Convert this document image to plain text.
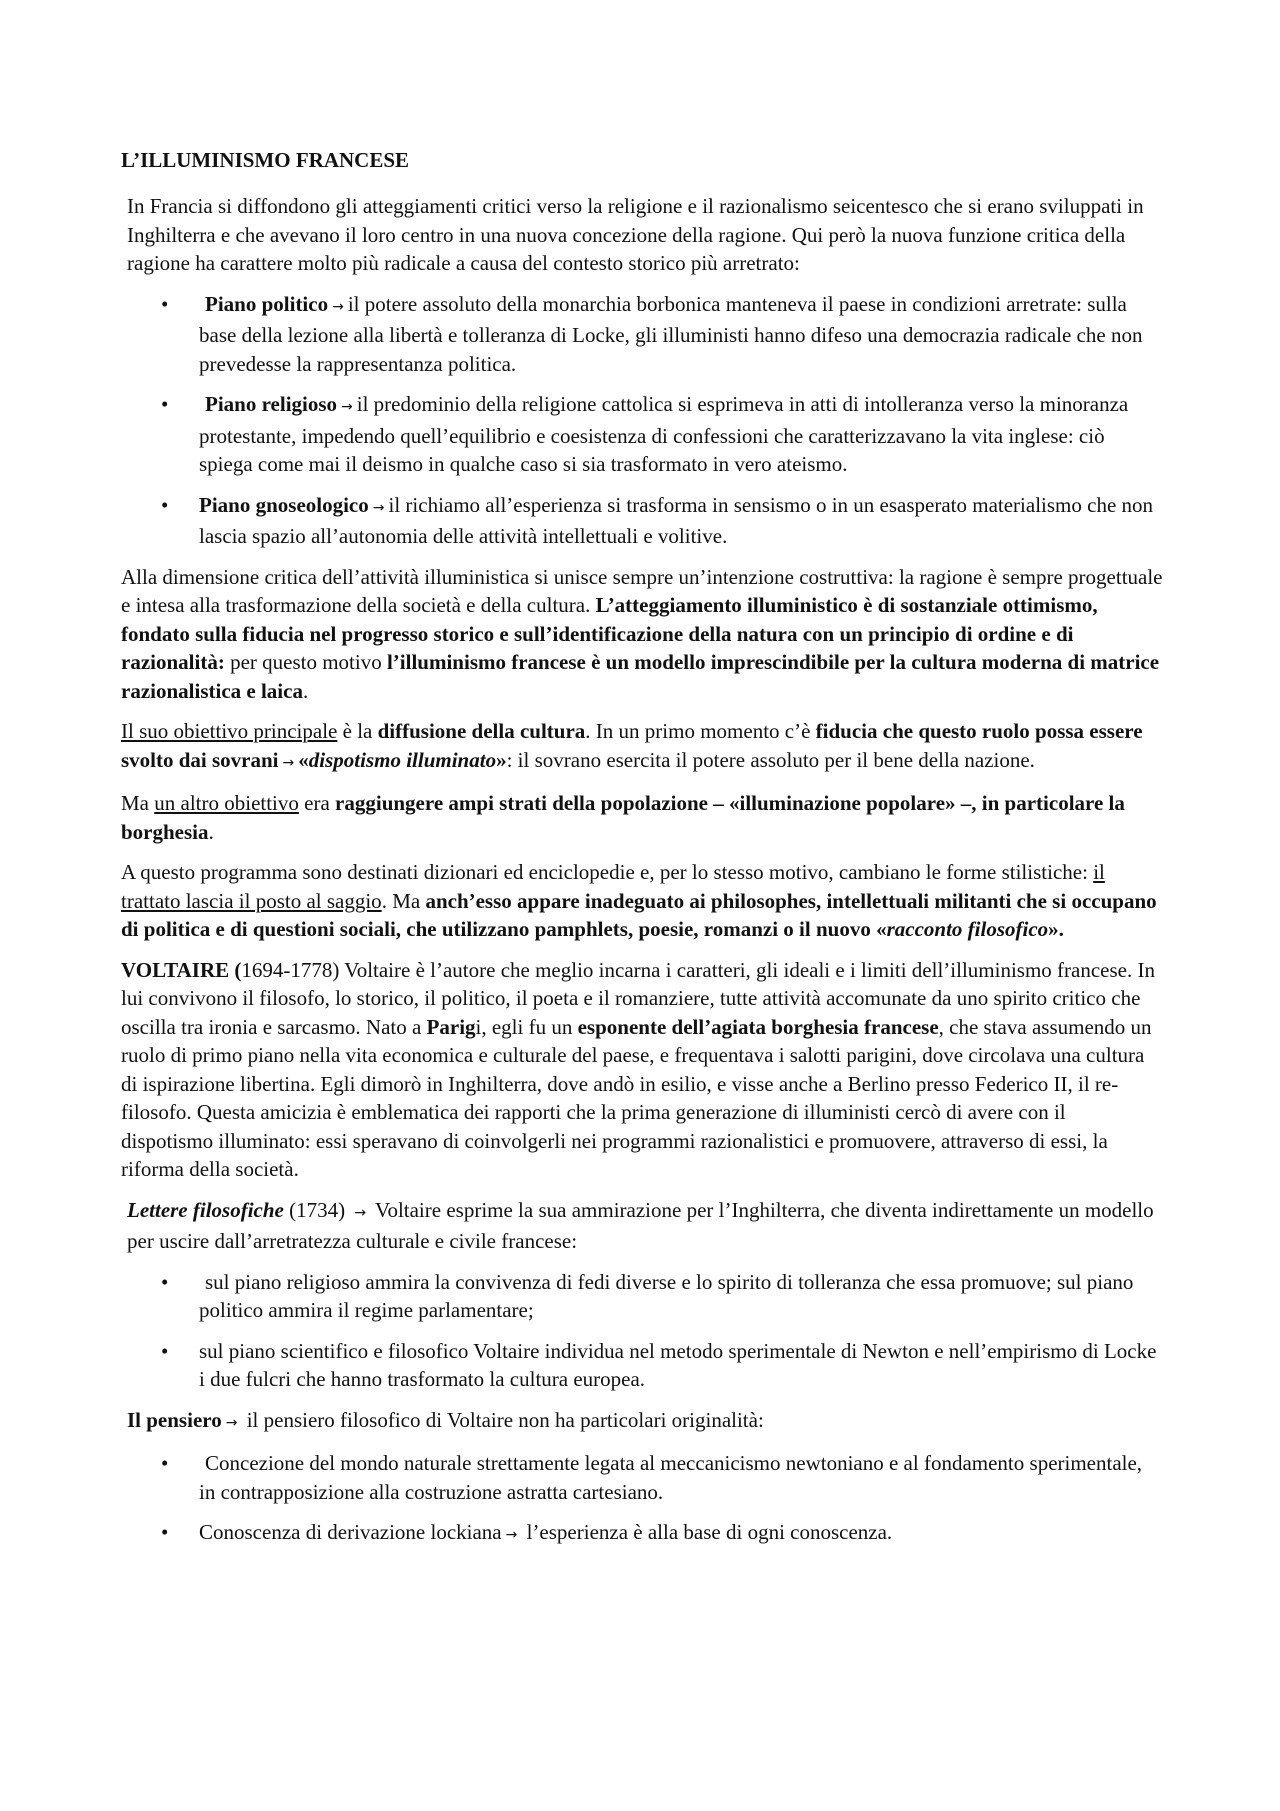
L’ILLUMINISMO FRANCESE

In Francia si diffondono gli atteggiamenti critici verso la religione e il razionalismo seicentesco che si erano sviluppati in Inghilterra e che avevano il loro centro in una nuova concezione della ragione. Qui però la nuova funzione critica della ragione ha carattere molto più radicale a causa del contesto storico più arretrato:

• Piano politico → il potere assoluto della monarchia borbonica manteneva il paese in condizioni arretrate: sulla base della lezione alla libertà e tolleranza di Locke, gli illuministi hanno difeso una democrazia radicale che non prevedesse la rappresentanza politica.
• Piano religioso → il predominio della religione cattolica si esprimeva in atti di intolleranza verso la minoranza protestante, impedendo quell’equilibrio e coesistenza di confessioni che caratterizzavano la vita inglese: ciò spiega come mai il deismo in qualche caso si sia trasformato in vero ateismo.
• Piano gnoseologico → il richiamo all’esperienza si trasforma in sensismo o in un esasperato materialismo che non lascia spazio all’autonomia delle attività intellettuali e volitive.

Alla dimensione critica dell’attività illuministica si unisce sempre un’intenzione costruttiva: la ragione è sempre progettuale e intesa alla trasformazione della società e della cultura. L’atteggiamento illuministico è di sostanziale ottimismo, fondato sulla fiducia nel progresso storico e sull’identificazione della natura con un principio di ordine e di razionalità: per questo motivo l’illuminismo francese è un modello imprescindibile per la cultura moderna di matrice razionalistica e laica.

Il suo obiettivo principale è la diffusione della cultura. In un primo momento c’è fiducia che questo ruolo possa essere svolto dai sovrani → «dispotismo illuminato»: il sovrano esercita il potere assoluto per il bene della nazione.

Ma un altro obiettivo era raggiungere ampi strati della popolazione – «illuminazione popolare» –, in particolare la borghesia.

A questo programma sono destinati dizionari ed enciclopedie e, per lo stesso motivo, cambiano le forme stilistiche: il trattato lascia il posto al saggio. Ma anch’esso appare inadeguato ai philosophes, intellettuali militanti che si occupano di politica e di questioni sociali, che utilizzano pamphlets, poesie, romanzi o il nuovo «racconto filosofico».

VOLTAIRE (1694-1778) Voltaire è l’autore che meglio incarna i caratteri, gli ideali e i limiti dell’illuminismo francese. In lui convivono il filosofo, lo storico, il politico, il poeta e il romanziere, tutte attività accomunate da uno spirito critico che oscilla tra ironia e sarcasmo. Nato a Parigi, egli fu un esponente dell’agiata borghesia francese, che stava assumendo un ruolo di primo piano nella vita economica e culturale del paese, e frequentava i salotti parigini, dove circolava una cultura di ispirazione libertina. Egli dimorò in Inghilterra, dove andò in esilio, e visse anche a Berlino presso Federico II, il re-filosofo. Questa amicizia è emblematica dei rapporti che la prima generazione di illuministi cercò di avere con il dispotismo illuminato: essi speravano di coinvolgerli nei programmi razionalistici e promuovere, attraverso di essi, la riforma della società.

Lettere filosofiche (1734) → Voltaire esprime la sua ammirazione per l’Inghilterra, che diventa indirettamente un modello per uscire dall’arretratezza culturale e civile francese:

• sul piano religioso ammira la convivenza di fedi diverse e lo spirito di tolleranza che essa promuove; sul piano politico ammira il regime parlamentare;
• sul piano scientifico e filosofico Voltaire individua nel metodo sperimentale di Newton e nell’empirismo di Locke i due fulcri che hanno trasformato la cultura europea.

Il pensiero → il pensiero filosofico di Voltaire non ha particolari originalità:

• Concezione del mondo naturale strettamente legata al meccanicismo newtoniano e al fondamento sperimentale, in contrapposizione alla costruzione astratta cartesiano.
• Conoscenza di derivazione lockiana → l’esperienza è alla base di ogni conoscenza.
